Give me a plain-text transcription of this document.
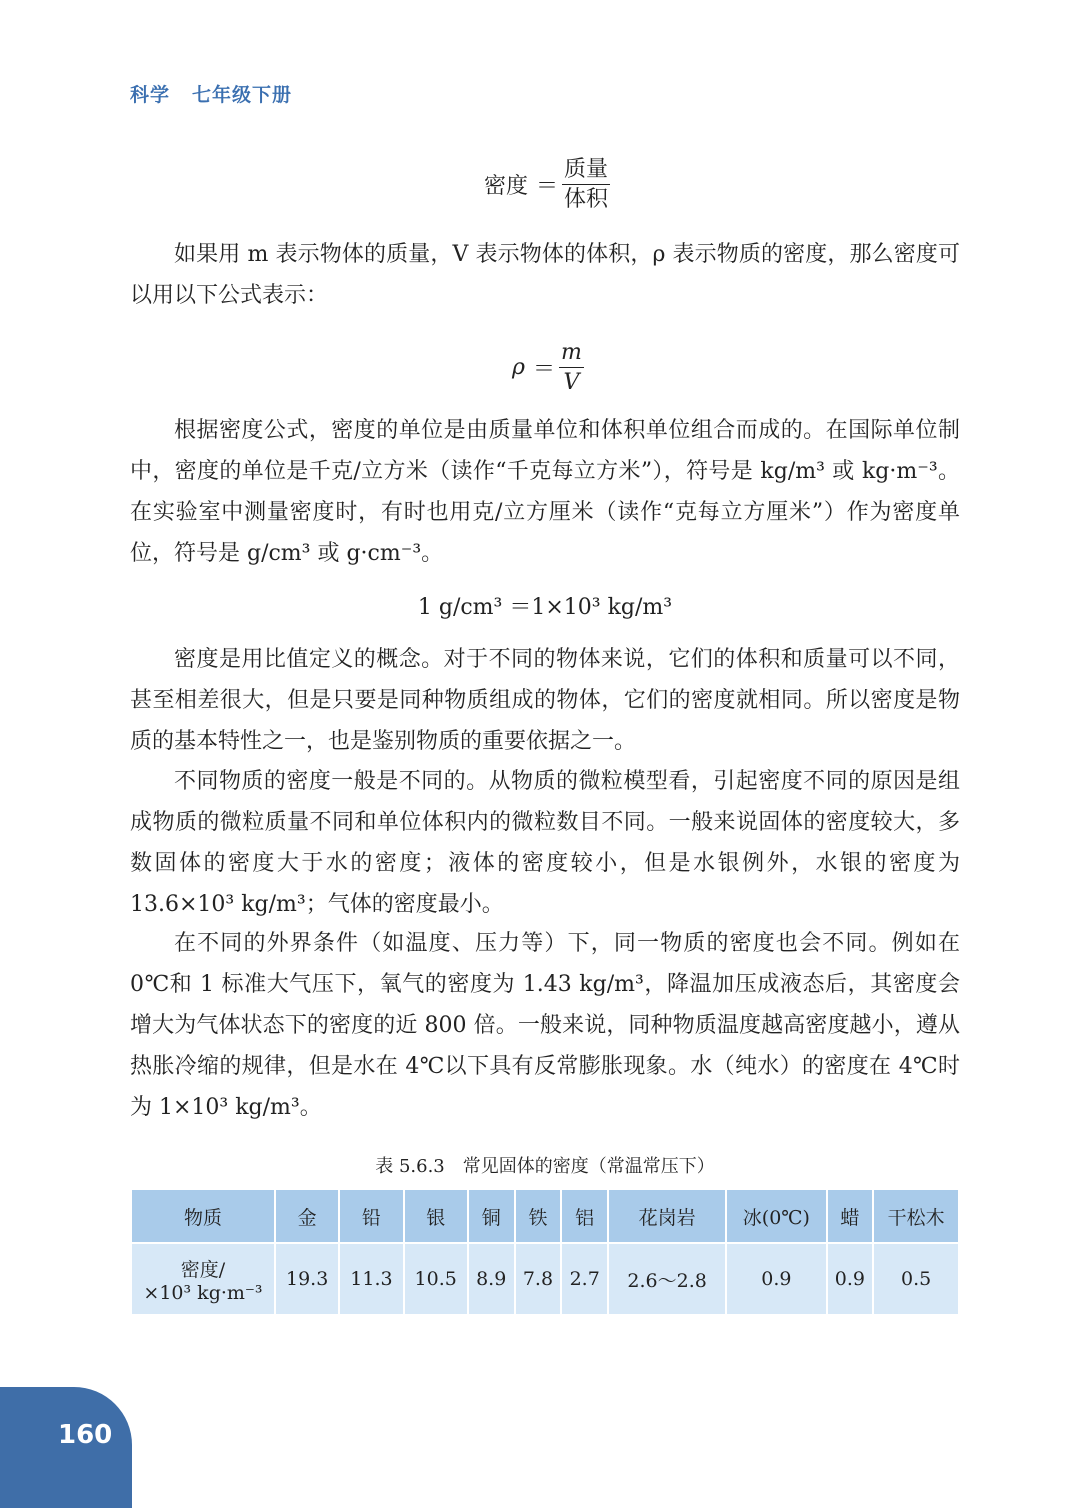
科学 七年级下册
密度 ＝ $\frac{\text{质量}}{\text{体积}}$

如果用 m 表示物体的质量，V 表示物体的体积，ρ 表示物质的密度，那么密度可以用以下公式表示：

$\rho = \frac{m}{V}$

根据密度公式，密度的单位是由质量单位和体积单位组合而成的。在国际单位制中，密度的单位是千克/立方米（读作“千克每立方米”），符号是 kg/m³ 或 kg·m⁻³。在实验室中测量密度时，有时也用克/立方厘米（读作“克每立方厘米”）作为密度单位，符号是 g/cm³ 或 g·cm⁻³。

1 g/cm³ ＝1×10³ kg/m³

密度是用比值定义的概念。对于不同的物体来说，它们的体积和质量可以不同，甚至相差很大，但是只要是同种物质组成的物体，它们的密度就相同。所以密度是物质的基本特性之一，也是鉴别物质的重要依据之一。

不同物质的密度一般是不同的。从物质的微粒模型看，引起密度不同的原因是组成物质的微粒质量不同和单位体积内的微粒数目不同。一般来说固体的密度较大，多数固体的密度大于水的密度；液体的密度较小，但是水银例外，水银的密度为 13.6×10³ kg/m³；气体的密度最小。

在不同的外界条件（如温度、压力等）下，同一物质的密度也会不同。例如在 0℃和 1 标准大气压下，氧气的密度为 1.43 kg/m³，降温加压成液态后，其密度会增大为气体状态下的密度的近 800 倍。一般来说，同种物质温度越高密度越小，遵从热胀冷缩的规律，但是水在 4℃以下具有反常膨胀现象。水（纯水）的密度在 4℃时为 1×10³ kg/m³。

表 5.6.3　常见固体的密度（常温常压下）
物质	金	铅	银	铜	铁	铝	花岗岩	冰(0℃)	蜡	干松木

密度/
×10³ kg·m⁻³	19.3	11.3	10.5	8.9	7.8	2.7	2.6～2.8	0.9	0.9	0.5
160
